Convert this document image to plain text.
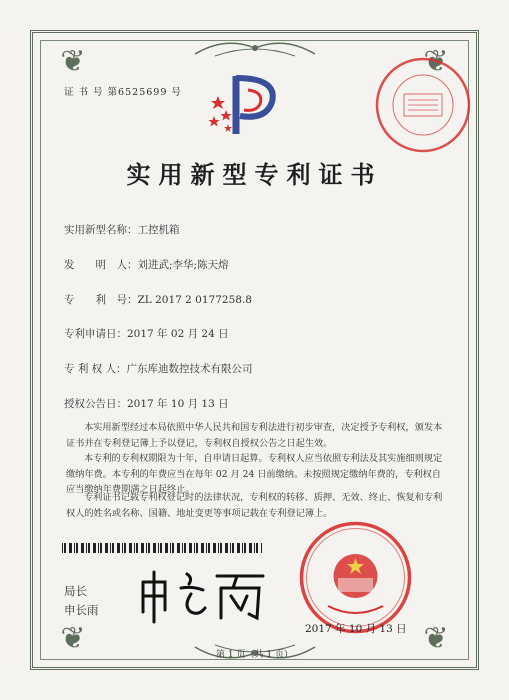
❦	❦
❦	❦
证 书 号 第6525699 号
实用新型专利证书
实用新型名称：工控机箱
发　　明　人：刘进武;李华;陈天熔
专　　利　号：ZL 2017 2 0177258.8
专利申请日：2017 年 02 月 24 日
专 利 权 人：广东库迪数控技术有限公司
授权公告日：2017 年 10 月 13 日
本实用新型经过本局依照中华人民共和国专利法进行初步审查，决定授予专利权，颁发本证书并在专利登记簿上予以登记，专利权自授权公告之日起生效。
本专利的专利权期限为十年，自申请日起算。专利权人应当依照专利法及其实施细则规定缴纳年费。本专利的年费应当在每年 02 月 24 日前缴纳。未按照规定缴纳年费的，专利权自应当缴纳年费期满之日起终止。
专利证书记载专利权登记时的法律状况，专利权的转移、质押、无效、终止、恢复和专利权人的姓名或名称、国籍、地址变更等事项记载在专利登记簿上。
局长
申长雨
2017 年 10 月 13 日
第 1 页（共 1 页）
